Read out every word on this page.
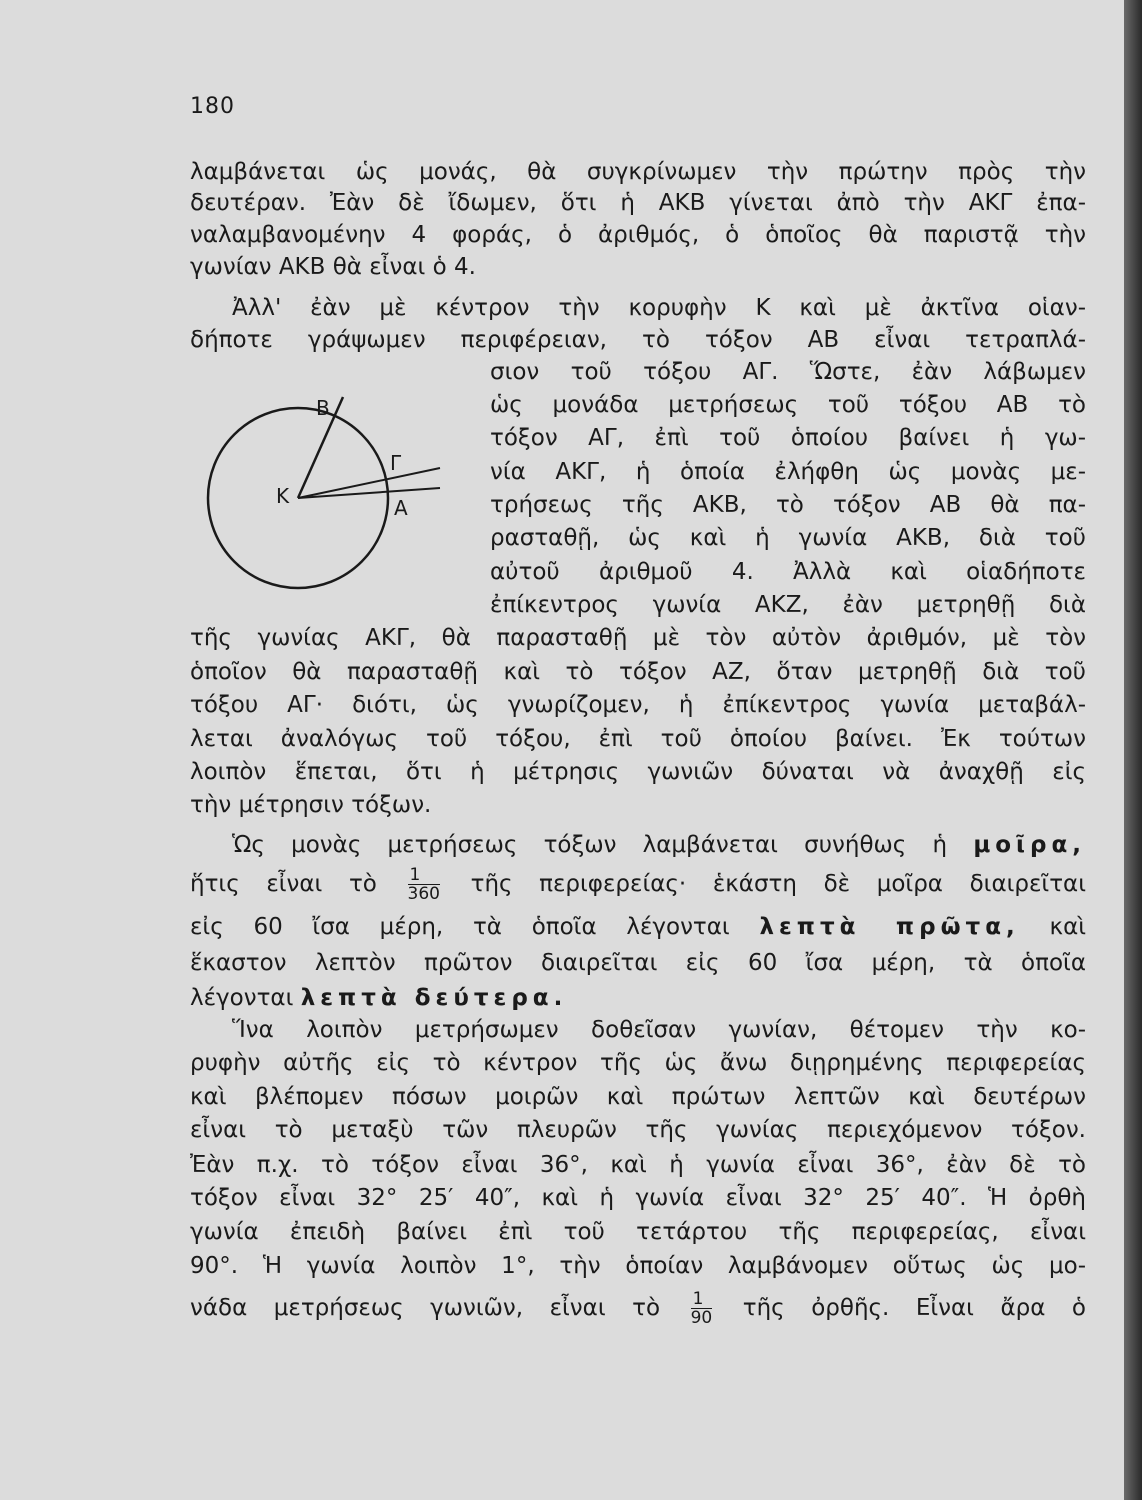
180
λαμβάνεται ὡς μονάς, θὰ συγκρίνωμεν τὴν πρώτην πρὸς τὴν
δευτέραν. Ἐὰν δὲ ἴδωμεν, ὅτι ἡ ΑΚΒ γίνεται ἀπὸ τὴν ΑΚΓ ἐπα-
ναλαμβανομένην 4 φοράς, ὁ ἀριθμός, ὁ ὁποῖος θὰ παριστᾷ τὴν
γωνίαν ΑΚΒ θὰ εἶναι ὁ 4.
Ἀλλ' ἐὰν μὲ κέντρον τὴν κορυφὴν Κ καὶ μὲ ἀκτῖνα οἱαν-
δήποτε γράψωμεν περιφέρειαν, τὸ τόξον ΑΒ εἶναι τετραπλά-
σιον τοῦ τόξου ΑΓ. Ὥστε, ἐὰν λάβωμεν
ὡς μονάδα μετρήσεως τοῦ τόξου ΑΒ τὸ
τόξον ΑΓ, ἐπὶ τοῦ ὁποίου βαίνει ἡ γω-
νία ΑΚΓ, ἡ ὁποία ἐλήφθη ὡς μονὰς με-
τρήσεως τῆς ΑΚΒ, τὸ τόξον ΑΒ θὰ πα-
ρασταθῇ, ὡς καὶ ἡ γωνία ΑΚΒ, διὰ τοῦ
αὐτοῦ ἀριθμοῦ 4. Ἀλλὰ καὶ οἱαδήποτε
ἐπίκεντρος γωνία ΑΚΖ, ἐὰν μετρηθῇ διὰ
τῆς γωνίας ΑΚΓ, θὰ παρασταθῇ μὲ τὸν αὐτὸν ἀριθμόν, μὲ τὸν
ὁποῖον θὰ παρασταθῇ καὶ τὸ τόξον ΑΖ, ὅταν μετρηθῇ διὰ τοῦ
τόξου ΑΓ· διότι, ὡς γνωρίζομεν, ἡ ἐπίκεντρος γωνία μεταβάλ-
λεται ἀναλόγως τοῦ τόξου, ἐπὶ τοῦ ὁποίου βαίνει. Ἐκ τούτων
λοιπὸν ἕπεται, ὅτι ἡ μέτρησις γωνιῶν δύναται νὰ ἀναχθῇ εἰς
τὴν μέτρησιν τόξων.
Ὡς μονὰς μετρήσεως τόξων λαμβάνεται συνήθως ἡ μοῖρα,
ἥτις εἶναι τὸ $\frac{1}{360}$ τῆς περιφερείας· ἑκάστη δὲ μοῖρα διαιρεῖται
εἰς 60 ἴσα μέρη, τὰ ὁποῖα λέγονται λεπτὰ πρῶτα, καὶ
ἕκαστον λεπτὸν πρῶτον διαιρεῖται εἰς 60 ἴσα μέρη, τὰ ὁποῖα
λέγονται λεπτὰ δεύτερα.
Ἵνα λοιπὸν μετρήσωμεν δοθεῖσαν γωνίαν, θέτομεν τὴν κο-
ρυφὴν αὐτῆς εἰς τὸ κέντρον τῆς ὡς ἄνω διῃρημένης περιφερείας
καὶ βλέπομεν πόσων μοιρῶν καὶ πρώτων λεπτῶν καὶ δευτέρων
εἶναι τὸ μεταξὺ τῶν πλευρῶν τῆς γωνίας περιεχόμενον τόξον.
Ἐὰν π.χ. τὸ τόξον εἶναι 36°, καὶ ἡ γωνία εἶναι 36°, ἐὰν δὲ τὸ
τόξον εἶναι 32° 25′ 40″, καὶ ἡ γωνία εἶναι 32° 25′ 40″. Ἡ ὀρθὴ
γωνία ἐπειδὴ βαίνει ἐπὶ τοῦ τετάρτου τῆς περιφερείας, εἶναι
90°. Ἡ γωνία λοιπὸν 1°, τὴν ὁποίαν λαμβάνομεν οὕτως ὡς μο-
νάδα μετρήσεως γωνιῶν, εἶναι τὸ $\frac{1}{90}$ τῆς ὀρθῆς. Εἶναι ἄρα ὁ
Β
Γ
Κ	Α
